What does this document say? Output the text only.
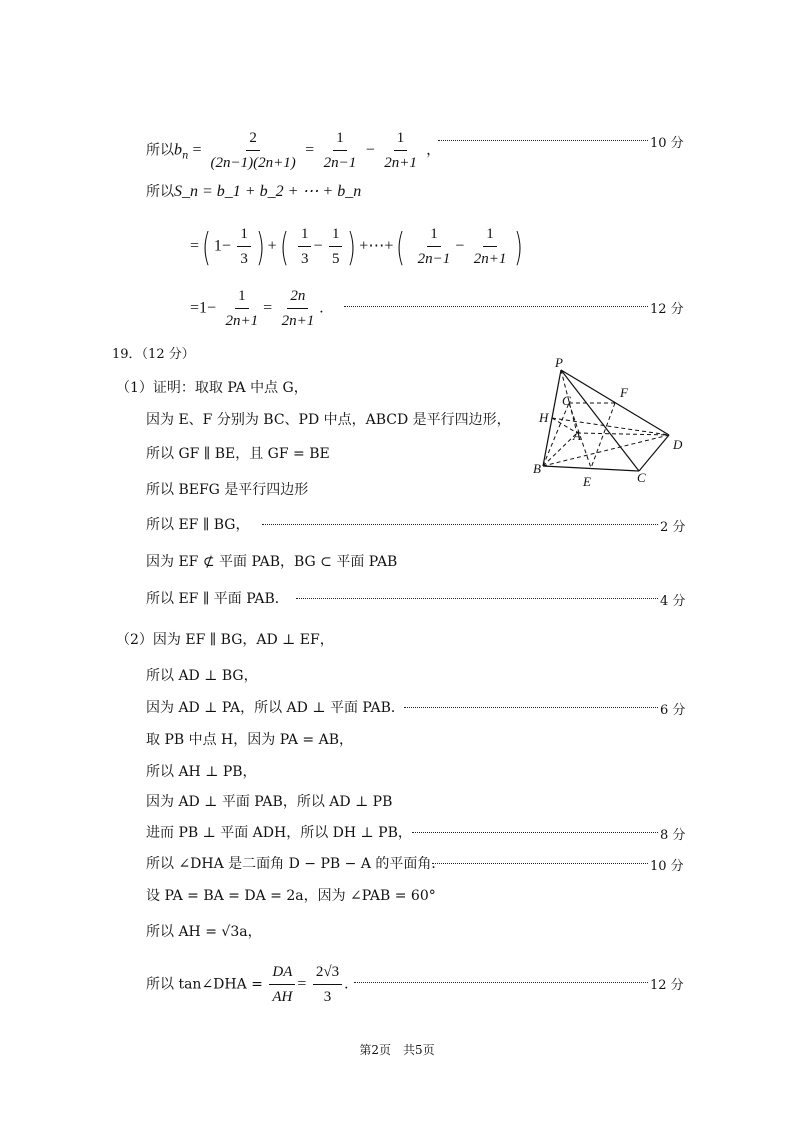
所以$b_n = \frac{2}{(2n-1)(2n+1)} = \frac{1}{2n-1} - \frac{1}{2n+1}$ ，	10 分
所以S_n = b_1 + b_2 + ⋯ + b_n
=( $1- \frac{1}{3}$ ) +( $\frac{1}{3} - \frac{1}{5}$ ) +⋯+( $\frac{1}{2n-1} - \frac{1}{2n+1}$ )
$=1- \frac{1}{2n+1} = \frac{2n}{2n+1}$ ．	12 分
19．（12 分）
（1）证明：取取 PA 中点 G，
因为 E、F 分别为 BC、PD 中点，ABCD 是平行四边形，
所以 GF ∥ BE，且 GF = BE
所以 BEFG 是平行四边形
所以 EF ∥ BG，	2 分
因为 EF ⊄ 平面 PAB，BG ⊂ 平面 PAB
所以 EF ∥ 平面 PAB．	4 分
（2）因为 EF ∥ BG，AD ⊥ EF，
所以 AD ⊥ BG，
因为 AD ⊥ PA，所以 AD ⊥ 平面 PAB．	6 分
取 PB 中点 H，因为 PA = AB，
所以 AH ⊥ PB，
因为 AD ⊥ 平面 PAB，所以 AD ⊥ PB
进而 PB ⊥ 平面 ADH，所以 DH ⊥ PB，	8 分
所以 ∠DHA 是二面角 D − PB − A 的平面角．	10 分
设 PA = BA = DA = 2a，因为 ∠PAB = 60°
所以 AH = √3a，
所以 tan∠DHA = $\frac{DA}{AH} = \frac{2√3}{3}$ ．	12 分
P
F
G
H
A
D
B
E	C
第2页　共5页
